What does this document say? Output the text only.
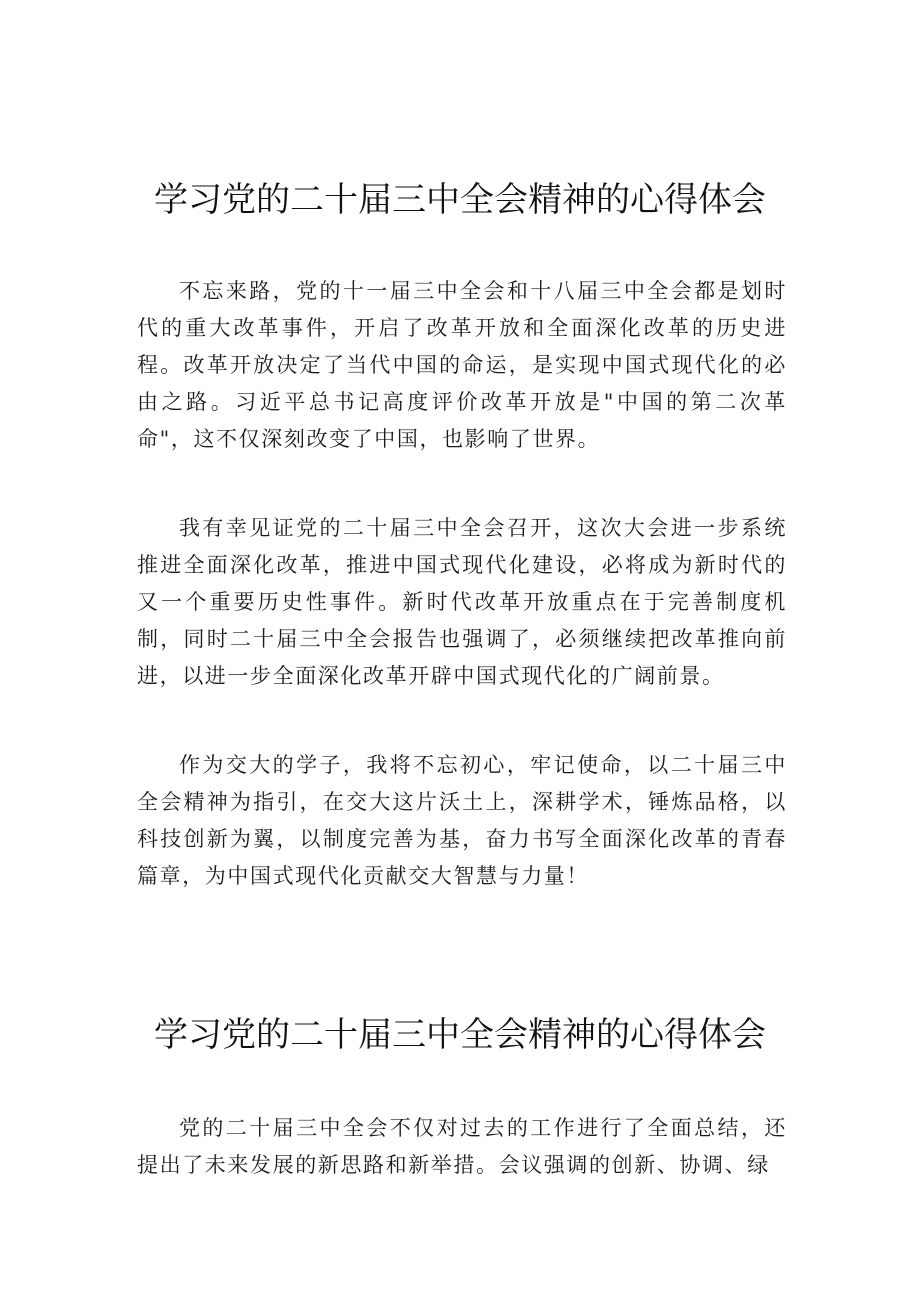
学习党的二十届三中全会精神的心得体会

不忘来路，党的十一届三中全会和十八届三中全会都是划时代的重大改革事件，开启了改革开放和全面深化改革的历史进程。改革开放决定了当代中国的命运，是实现中国式现代化的必由之路。习近平总书记高度评价改革开放是"中国的第二次革命"，这不仅深刻改变了中国，也影响了世界。

我有幸见证党的二十届三中全会召开，这次大会进一步系统推进全面深化改革，推进中国式现代化建设，必将成为新时代的又一个重要历史性事件。新时代改革开放重点在于完善制度机制，同时二十届三中全会报告也强调了，必须继续把改革推向前进，以进一步全面深化改革开辟中国式现代化的广阔前景。

作为交大的学子，我将不忘初心，牢记使命，以二十届三中全会精神为指引，在交大这片沃土上，深耕学术，锤炼品格，以科技创新为翼，以制度完善为基，奋力书写全面深化改革的青春篇章，为中国式现代化贡献交大智慧与力量！

学习党的二十届三中全会精神的心得体会

党的二十届三中全会不仅对过去的工作进行了全面总结，还提出了未来发展的新思路和新举措。会议强调的创新、协调、绿
